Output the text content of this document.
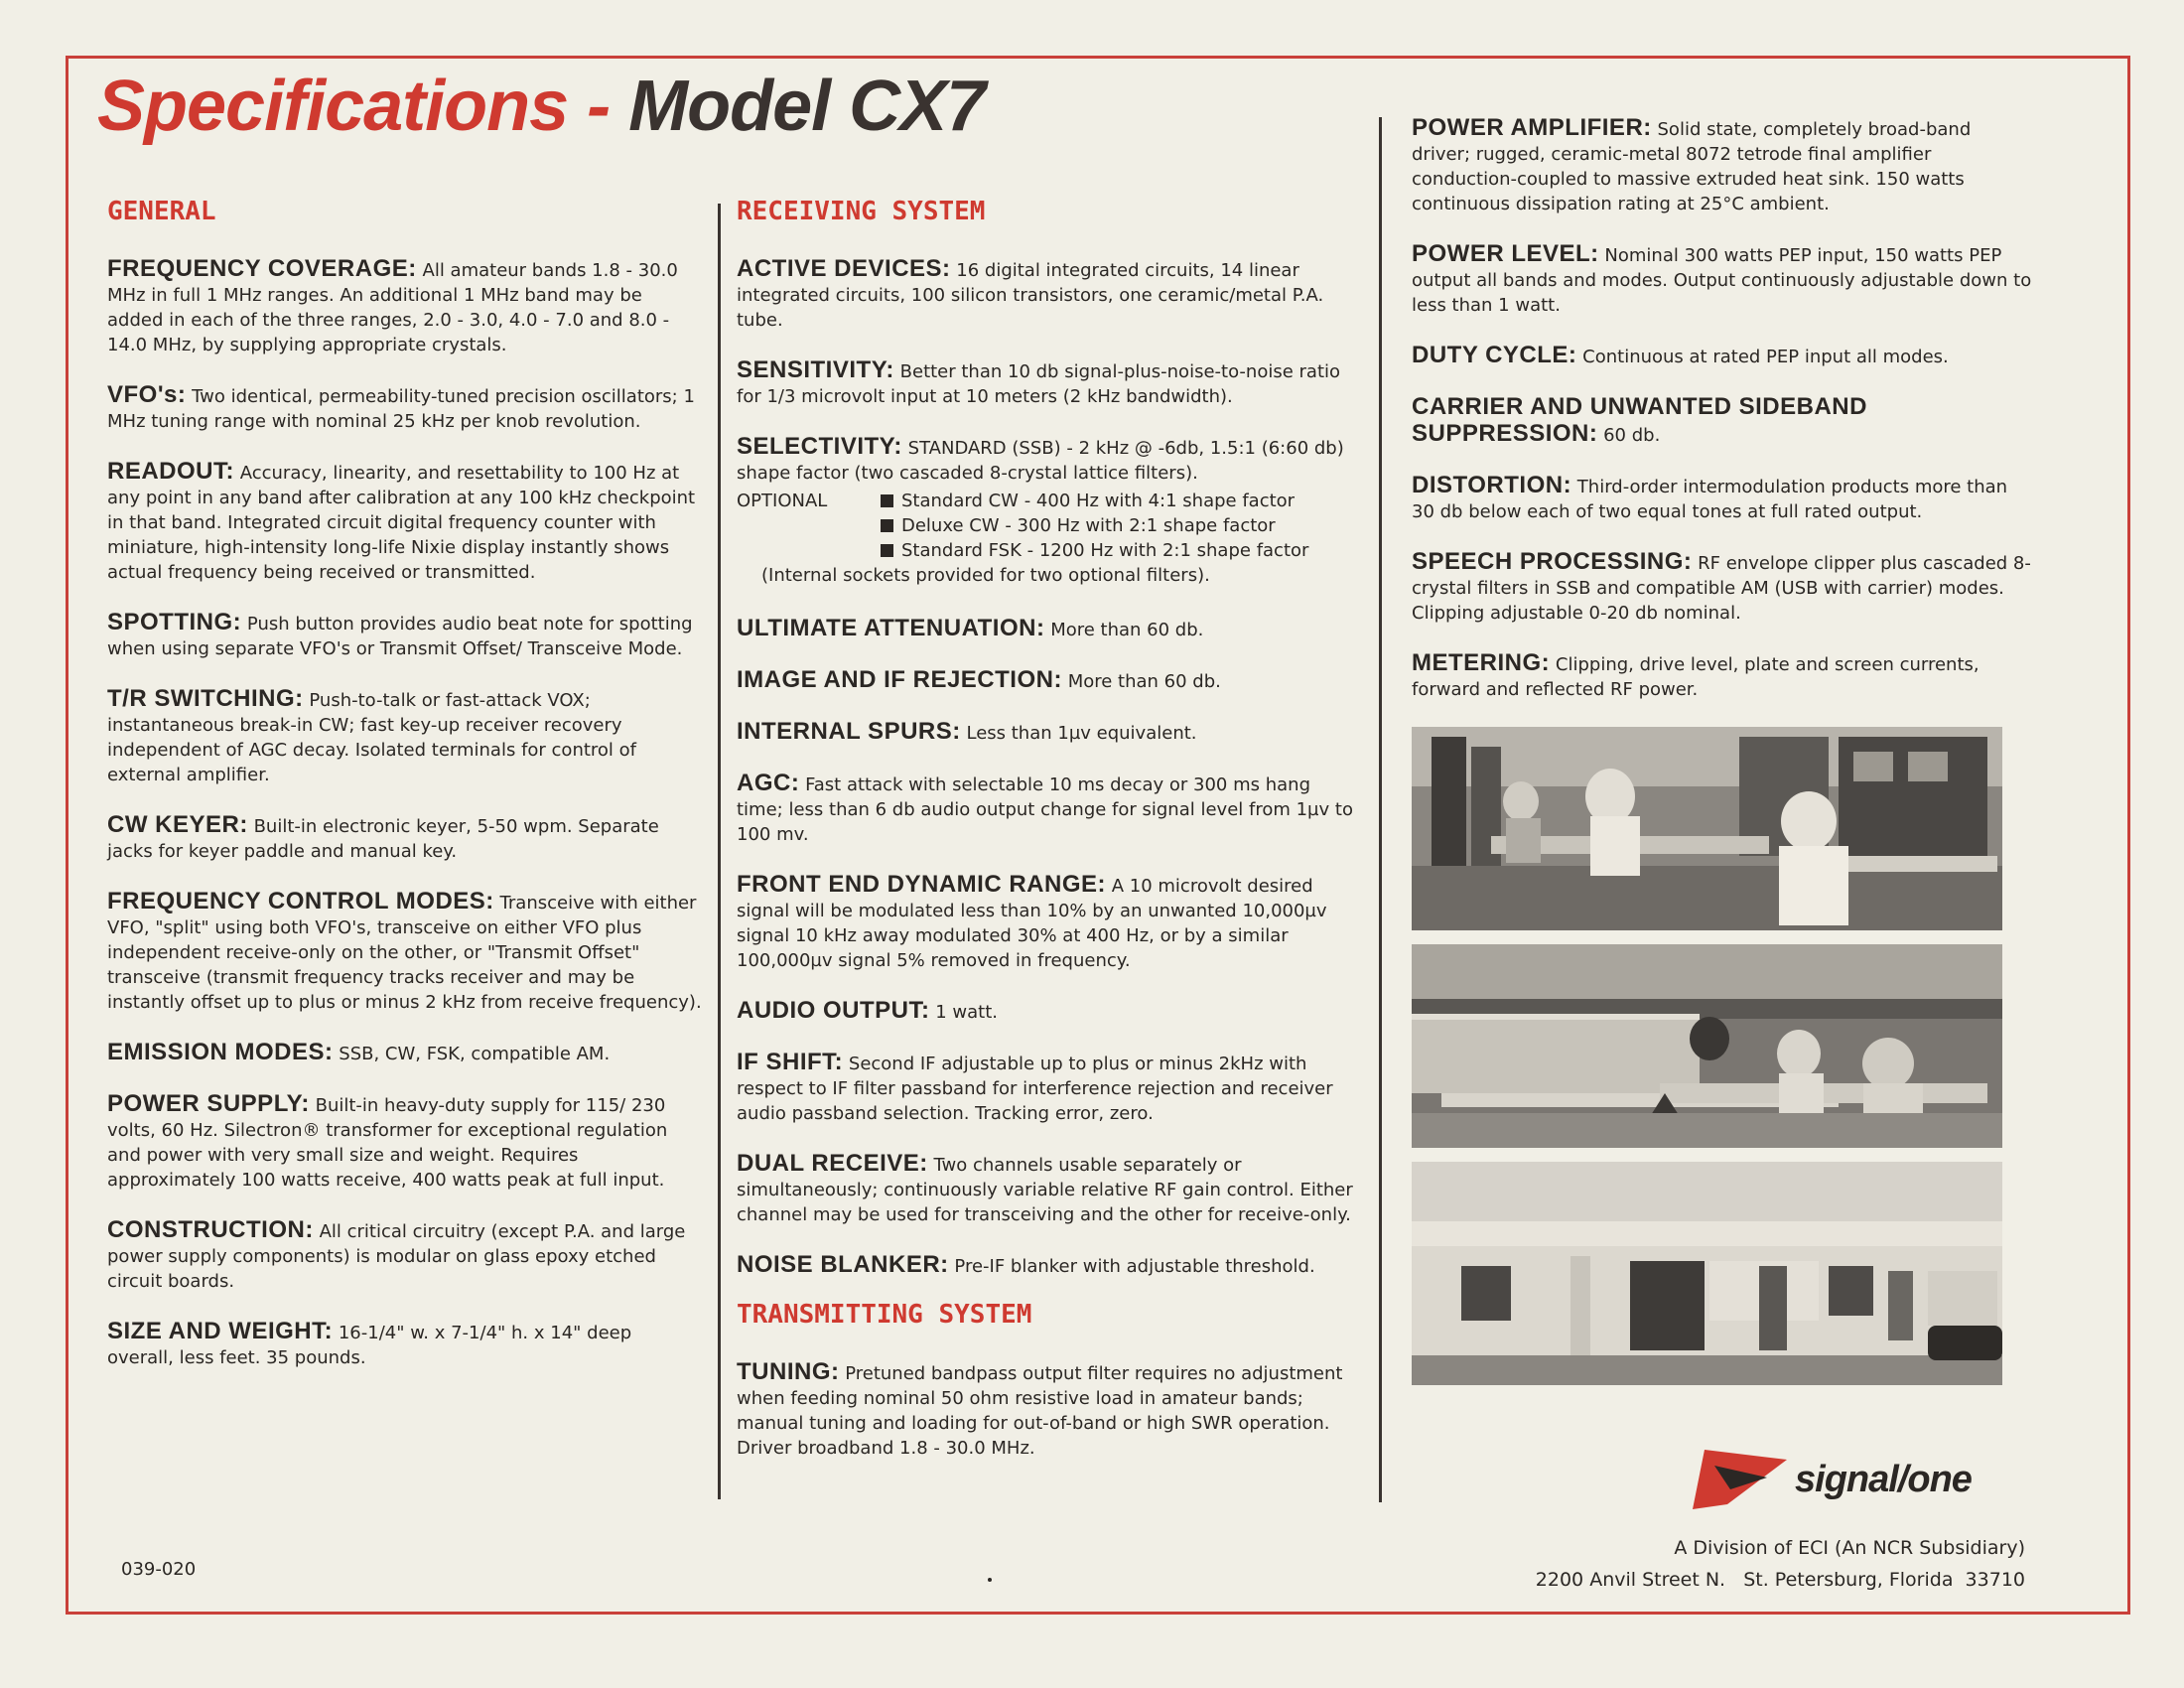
Specifications - Model CX7
GENERAL
FREQUENCY COVERAGE: All amateur bands 1.8 - 30.0 MHz in full 1 MHz ranges. An additional 1 MHz band may be added in each of the three ranges, 2.0 - 3.0, 4.0 - 7.0 and 8.0 - 14.0 MHz, by supplying appropriate crystals.
VFO's: Two identical, permeability-tuned precision oscillators; 1 MHz tuning range with nominal 25 kHz per knob revolution.
READOUT: Accuracy, linearity, and resettability to 100 Hz at any point in any band after calibration at any 100 kHz checkpoint in that band. Integrated circuit digital frequency counter with miniature, high-intensity long-life Nixie display instantly shows actual frequency being received or transmitted.
SPOTTING: Push button provides audio beat note for spotting when using separate VFO's or Transmit Offset/ Transceive Mode.
T/R SWITCHING: Push-to-talk or fast-attack VOX; instantaneous break-in CW; fast key-up receiver recovery independent of AGC decay. Isolated terminals for control of external amplifier.
CW KEYER: Built-in electronic keyer, 5-50 wpm. Separate jacks for keyer paddle and manual key.
FREQUENCY CONTROL MODES: Transceive with either VFO, "split" using both VFO's, transceive on either VFO plus independent receive-only on the other, or "Transmit Offset" transceive (transmit frequency tracks receiver and may be instantly offset up to plus or minus 2 kHz from receive frequency).
EMISSION MODES: SSB, CW, FSK, compatible AM.
POWER SUPPLY: Built-in heavy-duty supply for 115/ 230 volts, 60 Hz. Silectron® transformer for exceptional regulation and power with very small size and weight. Requires approximately 100 watts receive, 400 watts peak at full input.
CONSTRUCTION: All critical circuitry (except P.A. and large power supply components) is modular on glass epoxy etched circuit boards.
SIZE AND WEIGHT: 16-1/4" w. x 7-1/4" h. x 14" deep overall, less feet. 35 pounds.
RECEIVING SYSTEM
ACTIVE DEVICES: 16 digital integrated circuits, 14 linear integrated circuits, 100 silicon transistors, one ceramic/metal P.A. tube.
SENSITIVITY: Better than 10 db signal-plus-noise-to-noise ratio for 1/3 microvolt input at 10 meters (2 kHz bandwidth).
SELECTIVITY: STANDARD (SSB) - 2 kHz @ -6db, 1.5:1 (6:60 db) shape factor (two cascaded 8-crystal lattice filters).
OPTIONAL	Standard CW - 400 Hz with 4:1 shape factor
Deluxe CW - 300 Hz with 2:1 shape factor
Standard FSK - 1200 Hz with 2:1 shape factor
(Internal sockets provided for two optional filters).
ULTIMATE ATTENUATION: More than 60 db.
IMAGE AND IF REJECTION: More than 60 db.
INTERNAL SPURS: Less than 1µv equivalent.
AGC: Fast attack with selectable 10 ms decay or 300 ms hang time; less than 6 db audio output change for signal level from 1µv to 100 mv.
FRONT END DYNAMIC RANGE: A 10 microvolt desired signal will be modulated less than 10% by an unwanted 10,000µv signal 10 kHz away modulated 30% at 400 Hz, or by a similar 100,000µv signal 5% removed in frequency.
AUDIO OUTPUT: 1 watt.
IF SHIFT: Second IF adjustable up to plus or minus 2kHz with respect to IF filter passband for interference rejection and receiver audio passband selection. Tracking error, zero.
DUAL RECEIVE: Two channels usable separately or simultaneously; continuously variable relative RF gain control. Either channel may be used for transceiving and the other for receive-only.
NOISE BLANKER: Pre-IF blanker with adjustable threshold.
TRANSMITTING SYSTEM
TUNING: Pretuned bandpass output filter requires no adjustment when feeding nominal 50 ohm resistive load in amateur bands; manual tuning and loading for out-of-band or high SWR operation. Driver broadband 1.8 - 30.0 MHz.
POWER AMPLIFIER: Solid state, completely broad-band driver; rugged, ceramic-metal 8072 tetrode final amplifier conduction-coupled to massive extruded heat sink. 150 watts continuous dissipation rating at 25°C ambient.
POWER LEVEL: Nominal 300 watts PEP input, 150 watts PEP output all bands and modes. Output continuously adjustable down to less than 1 watt.
DUTY CYCLE: Continuous at rated PEP input all modes.
CARRIER AND UNWANTED SIDEBAND SUPPRESSION: 60 db.
DISTORTION: Third-order intermodulation products more than 30 db below each of two equal tones at full rated output.
SPEECH PROCESSING: RF envelope clipper plus cascaded 8-crystal filters in SSB and compatible AM (USB with carrier) modes. Clipping adjustable 0-20 db nominal.
METERING: Clipping, drive level, plate and screen currents, forward and reflected RF power.
039-020
signal/one
A Division of ECI (An NCR Subsidiary)
2200 Anvil Street N.   St. Petersburg, Florida  33710
